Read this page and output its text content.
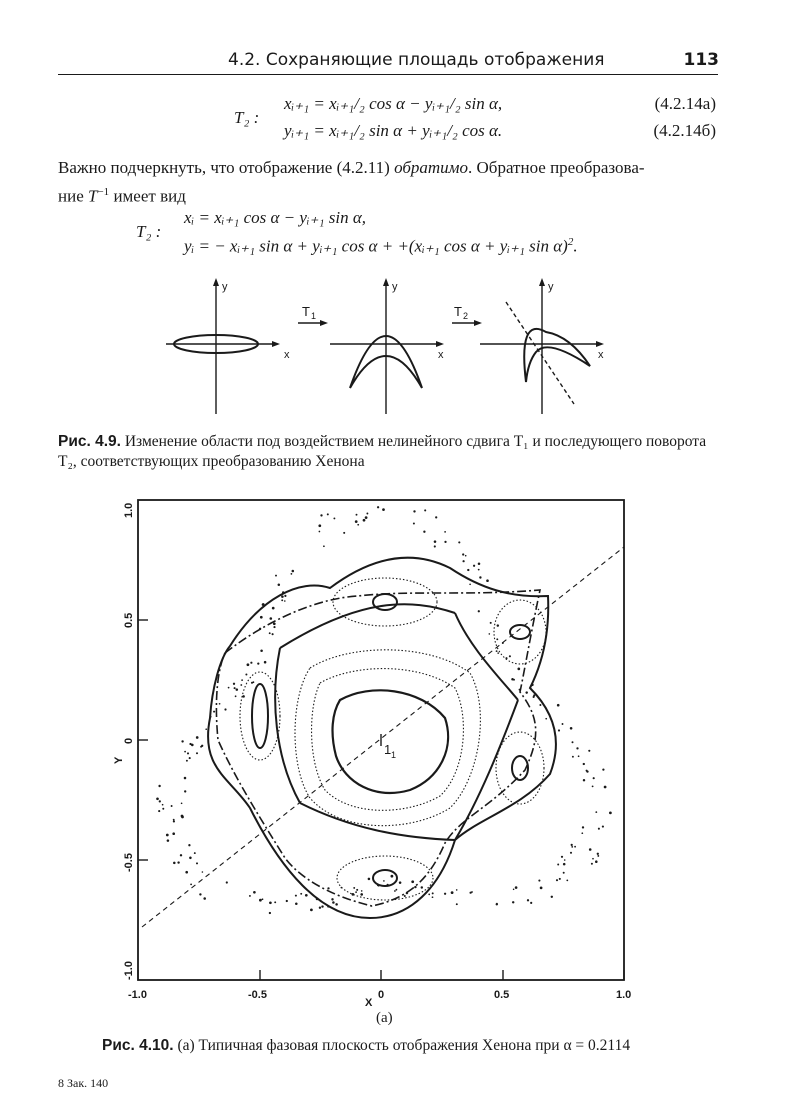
4.2. Сохраняющие площадь отображения	113
T₂ :
xᵢ₊₁ = xᵢ₊₁/₂ cos α − yᵢ₊₁/₂ sin α,	(4.2.14а)
yᵢ₊₁ = xᵢ₊₁/₂ sin α + yᵢ₊₁/₂ cos α.	(4.2.14б)
Важно подчеркнуть, что отображение (4.2.11) обратимо. Обратное преобразова-
ние $T^{-1}$ имеет вид
T₂ :
xᵢ = xᵢ₊₁ cos α − yᵢ₊₁ sin α,
yᵢ = − xᵢ₊₁ sin α + yᵢ₊₁ cos α + +(xᵢ₊₁ cos α + yᵢ₊₁ sin α)$^2$.
y
x
y
x
y
x
T 1	T 2
Рис. 4.9. Изменение области под воздействием нелинейного сдвига T₁ и последующего поворота T₂, соответствующих преобразованию Хенона
-1.0	-0.5	0	0.5	1.0
X
-1.0
-0.5
0
0.5
1.0
Y
1 1
(a)
Рис. 4.10. (а) Типичная фазовая плоскость отображения Хенона при α = 0.2114
8 Зак. 140
